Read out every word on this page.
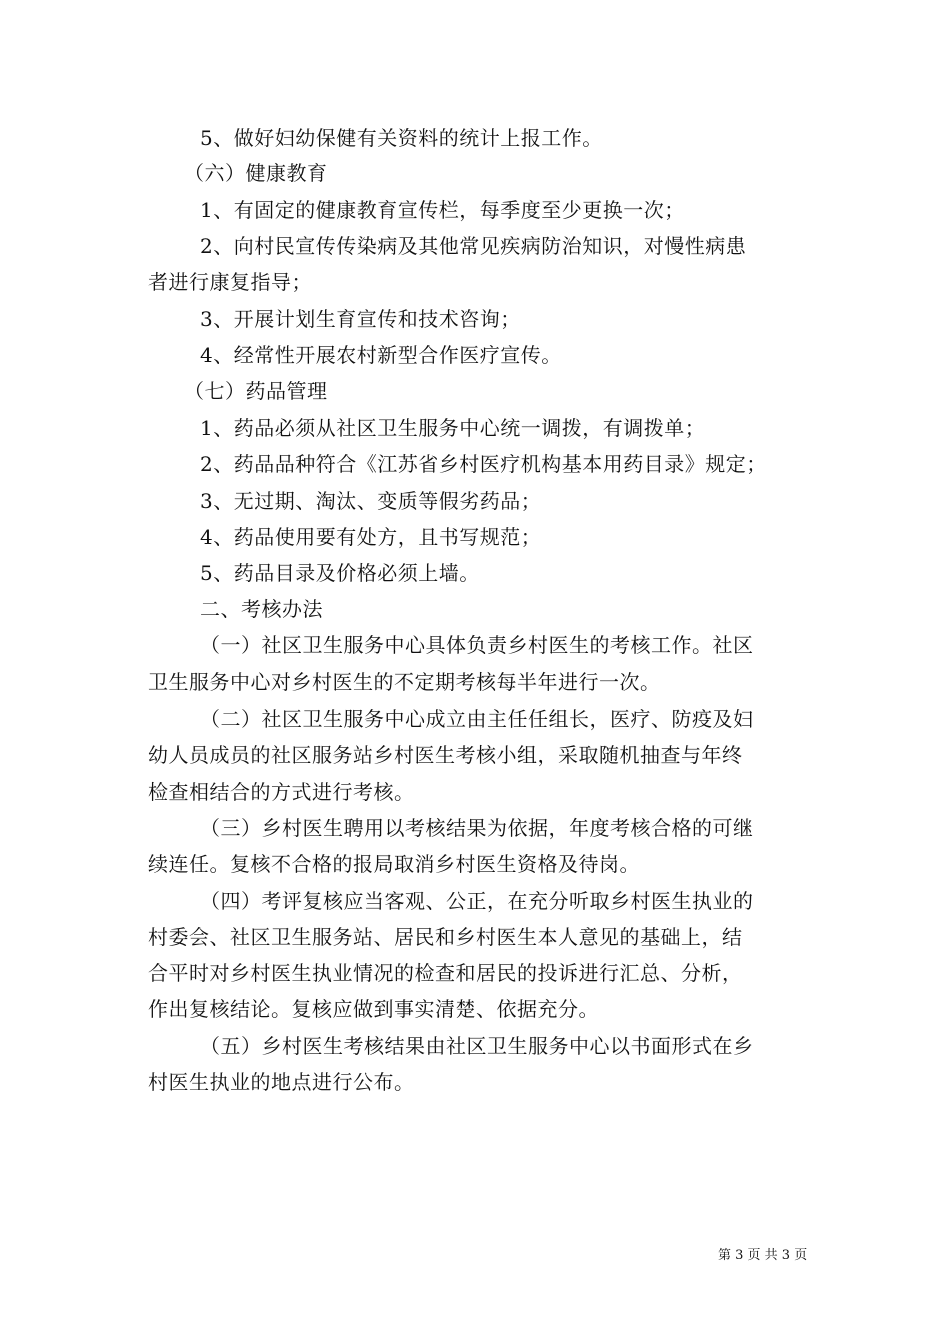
5、做好妇幼保健有关资料的统计上报工作。
（六）健康教育
1、有固定的健康教育宣传栏，每季度至少更换一次；
2、向村民宣传传染病及其他常见疾病防治知识，对慢性病患
者进行康复指导；
3、开展计划生育宣传和技术咨询；
4、经常性开展农村新型合作医疗宣传。
（七）药品管理
1、药品必须从社区卫生服务中心统一调拨，有调拨单；
2、药品品种符合《江苏省乡村医疗机构基本用药目录》规定；
3、无过期、淘汰、变质等假劣药品；
4、药品使用要有处方，且书写规范；
5、药品目录及价格必须上墙。
二、考核办法
（一）社区卫生服务中心具体负责乡村医生的考核工作。社区
卫生服务中心对乡村医生的不定期考核每半年进行一次。
（二）社区卫生服务中心成立由主任任组长，医疗、防疫及妇
幼人员成员的社区服务站乡村医生考核小组，采取随机抽查与年终
检查相结合的方式进行考核。
（三）乡村医生聘用以考核结果为依据，年度考核合格的可继
续连任。复核不合格的报局取消乡村医生资格及待岗。
（四）考评复核应当客观、公正，在充分听取乡村医生执业的
村委会、社区卫生服务站、居民和乡村医生本人意见的基础上，结
合平时对乡村医生执业情况的检查和居民的投诉进行汇总、分析，
作出复核结论。复核应做到事实清楚、依据充分。
（五）乡村医生考核结果由社区卫生服务中心以书面形式在乡
村医生执业的地点进行公布。
第 3 页 共 3 页
